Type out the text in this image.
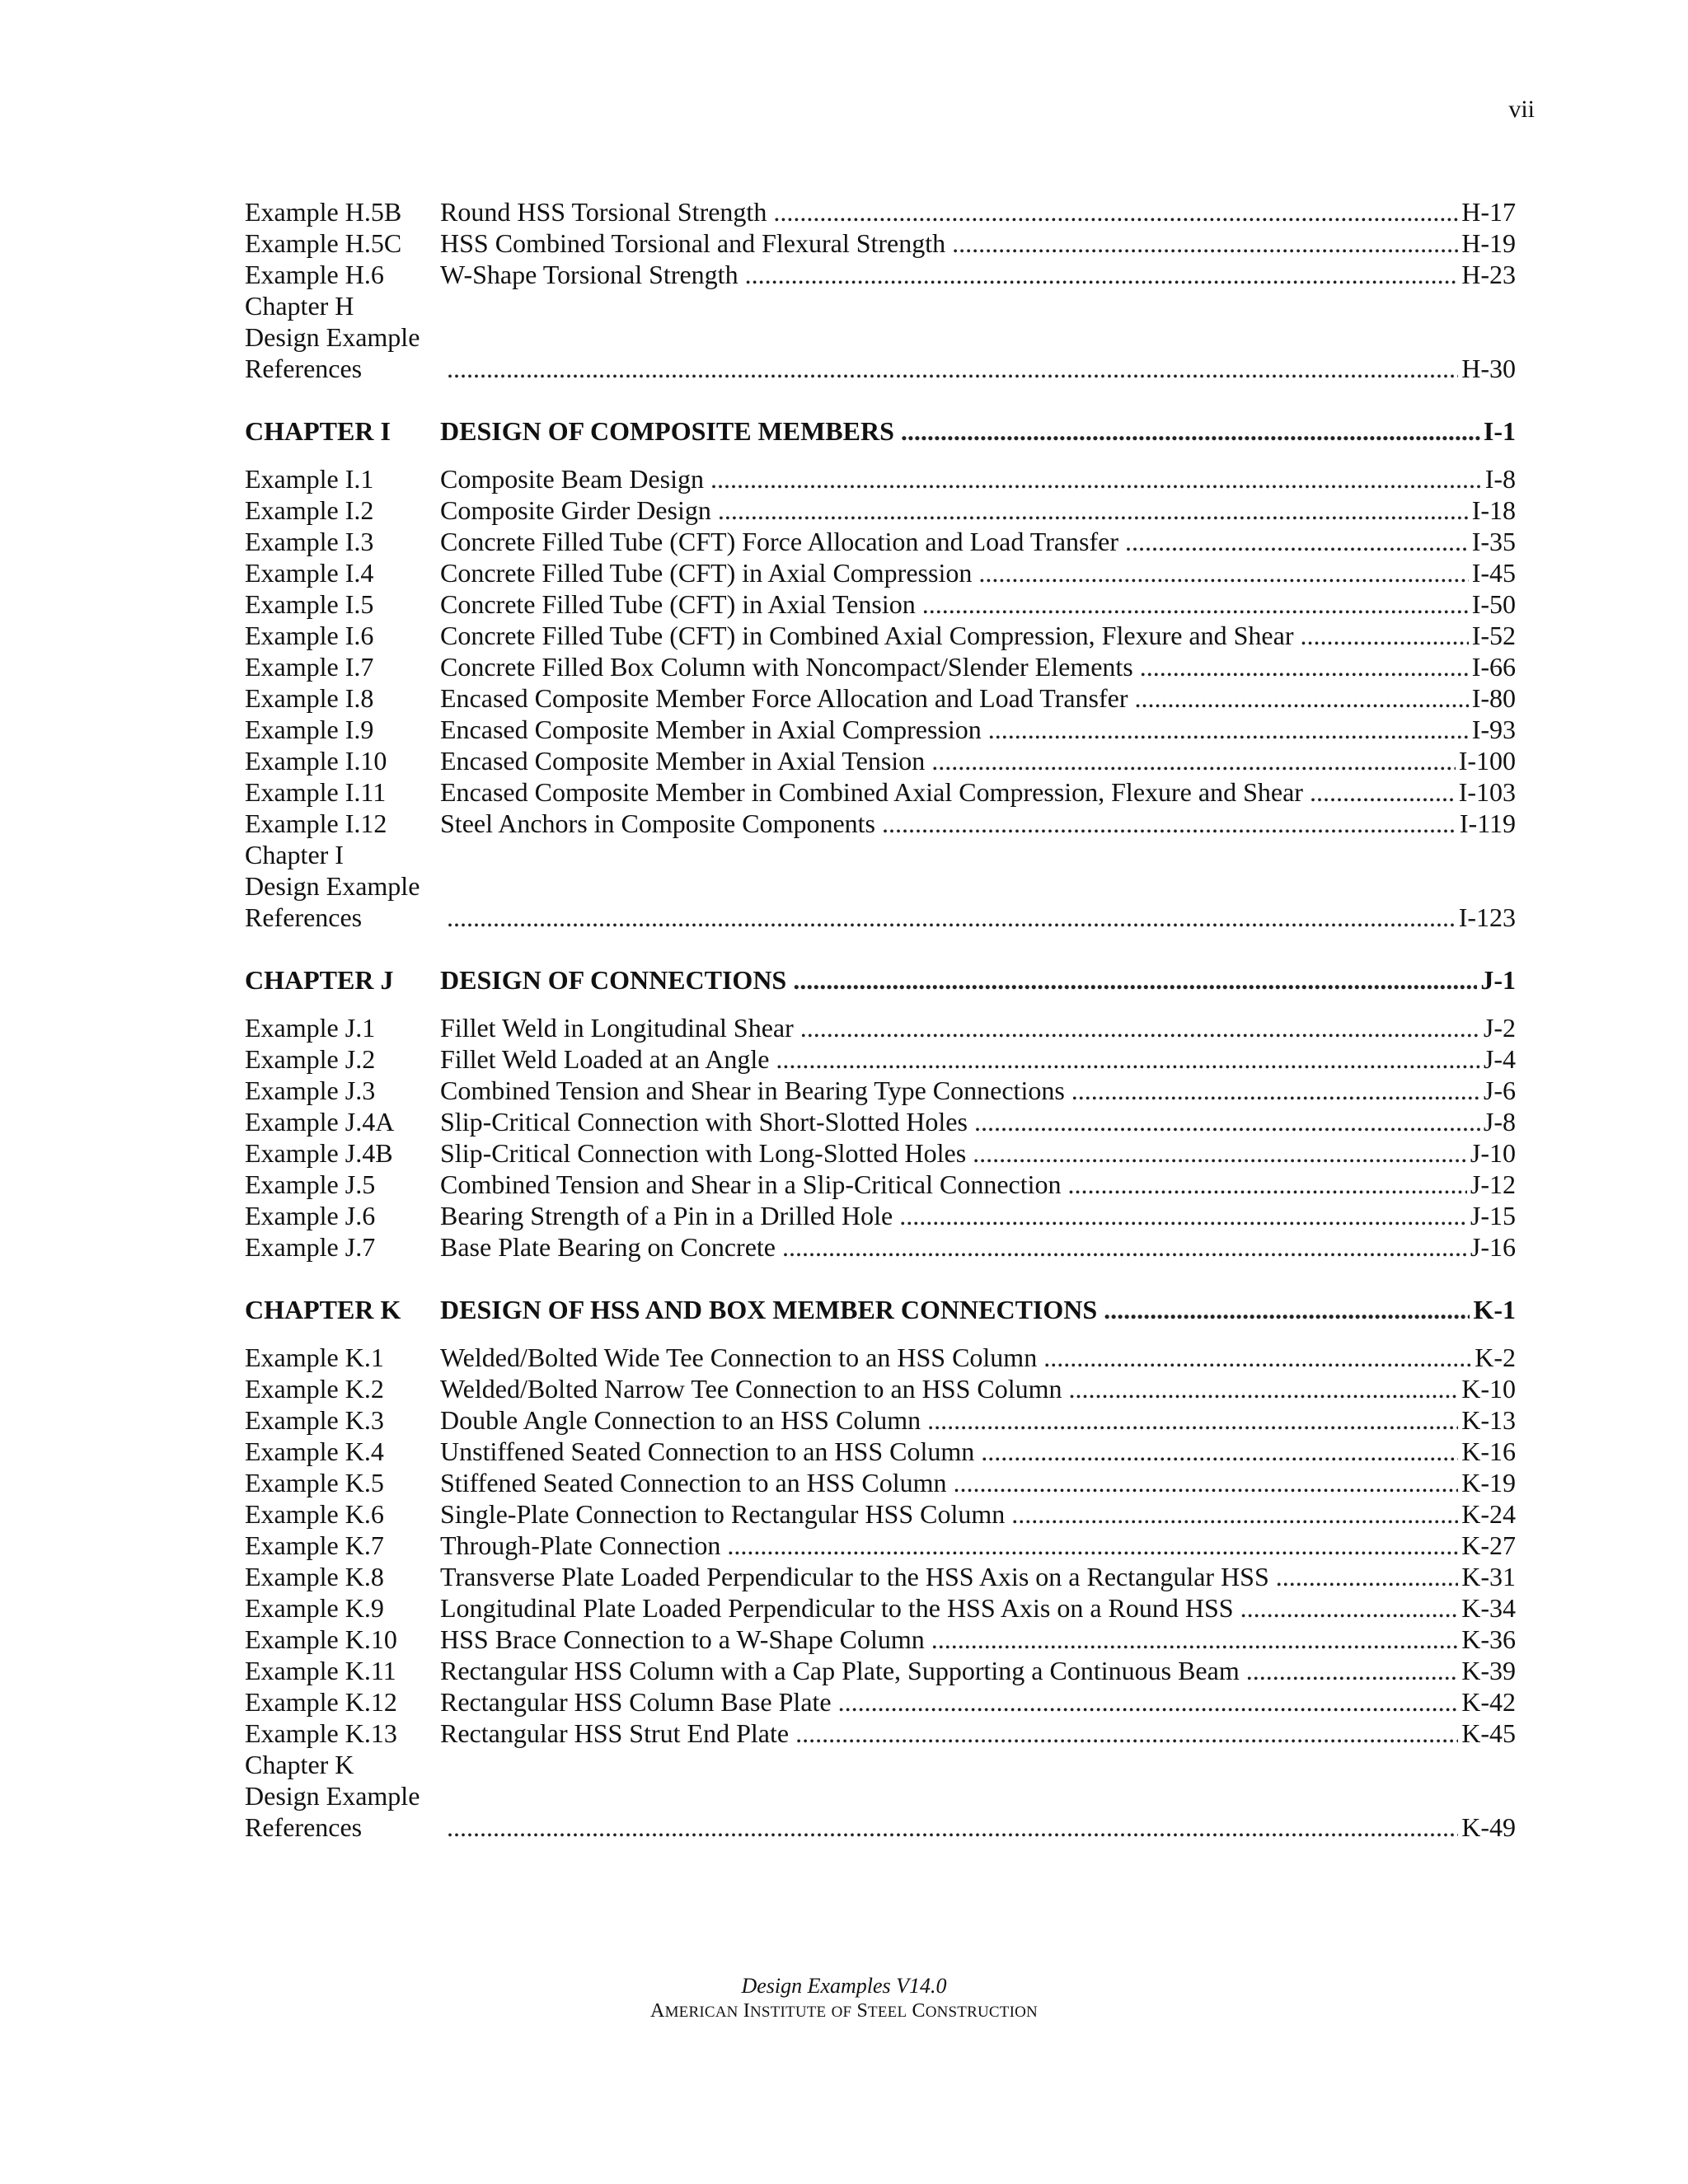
vii
Example H.5B	Round HSS Torsional Strength .....	H-17
Example H.5C	HSS Combined Torsional and Flexural Strength .....	H-19
Example H.6	W-Shape Torsional Strength .....	H-23
Chapter H
Design Example
References .....	H-30
CHAPTER I	DESIGN OF COMPOSITE MEMBERS .....	I-1
Example I.1	Composite Beam Design .....	I-8
Example I.2	Composite Girder Design .....	I-18
Example I.3	Concrete Filled Tube (CFT) Force Allocation and Load Transfer .....	I-35
Example I.4	Concrete Filled Tube (CFT) in Axial Compression .....	I-45
Example I.5	Concrete Filled Tube (CFT) in Axial Tension .....	I-50
Example I.6	Concrete Filled Tube (CFT) in Combined Axial Compression, Flexure and Shear .....	I-52
Example I.7	Concrete Filled Box Column with Noncompact/Slender Elements .....	I-66
Example I.8	Encased Composite Member Force Allocation and Load Transfer .....	I-80
Example I.9	Encased Composite Member in Axial Compression .....	I-93
Example I.10	Encased Composite Member in Axial Tension .....	I-100
Example I.11	Encased Composite Member in Combined Axial Compression, Flexure and Shear .....	I-103
Example I.12	Steel Anchors in Composite Components .....	I-119
Chapter I
Design Example
References .....	I-123
CHAPTER J	DESIGN OF CONNECTIONS .....	J-1
Example J.1	Fillet Weld in Longitudinal Shear .....	J-2
Example J.2	Fillet Weld Loaded at an Angle .....	J-4
Example J.3	Combined Tension and Shear in Bearing Type Connections .....	J-6
Example J.4A	Slip-Critical Connection with Short-Slotted Holes .....	J-8
Example J.4B	Slip-Critical Connection with Long-Slotted Holes .....	J-10
Example J.5	Combined Tension and Shear in a Slip-Critical Connection .....	J-12
Example J.6	Bearing Strength of a Pin in a Drilled Hole .....	J-15
Example J.7	Base Plate Bearing on Concrete .....	J-16
CHAPTER K	DESIGN OF HSS AND BOX MEMBER CONNECTIONS .....	K-1
Example K.1	Welded/Bolted Wide Tee Connection to an HSS Column .....	K-2
Example K.2	Welded/Bolted Narrow Tee Connection to an HSS Column .....	K-10
Example K.3	Double Angle Connection to an HSS Column .....	K-13
Example K.4	Unstiffened Seated Connection to an HSS Column .....	K-16
Example K.5	Stiffened Seated Connection to an HSS Column .....	K-19
Example K.6	Single-Plate Connection to Rectangular HSS Column .....	K-24
Example K.7	Through-Plate Connection .....	K-27
Example K.8	Transverse Plate Loaded Perpendicular to the HSS Axis on a Rectangular HSS .....	K-31
Example K.9	Longitudinal Plate Loaded Perpendicular to the HSS Axis on a Round HSS .....	K-34
Example K.10	HSS Brace Connection to a W-Shape Column .....	K-36
Example K.11	Rectangular HSS Column with a Cap Plate, Supporting a Continuous Beam .....	K-39
Example K.12	Rectangular HSS Column Base Plate .....	K-42
Example K.13	Rectangular HSS Strut End Plate .....	K-45
Chapter K
Design Example
References .....	K-49
Design Examples V14.0
AMERICAN INSTITUTE OF STEEL CONSTRUCTION
